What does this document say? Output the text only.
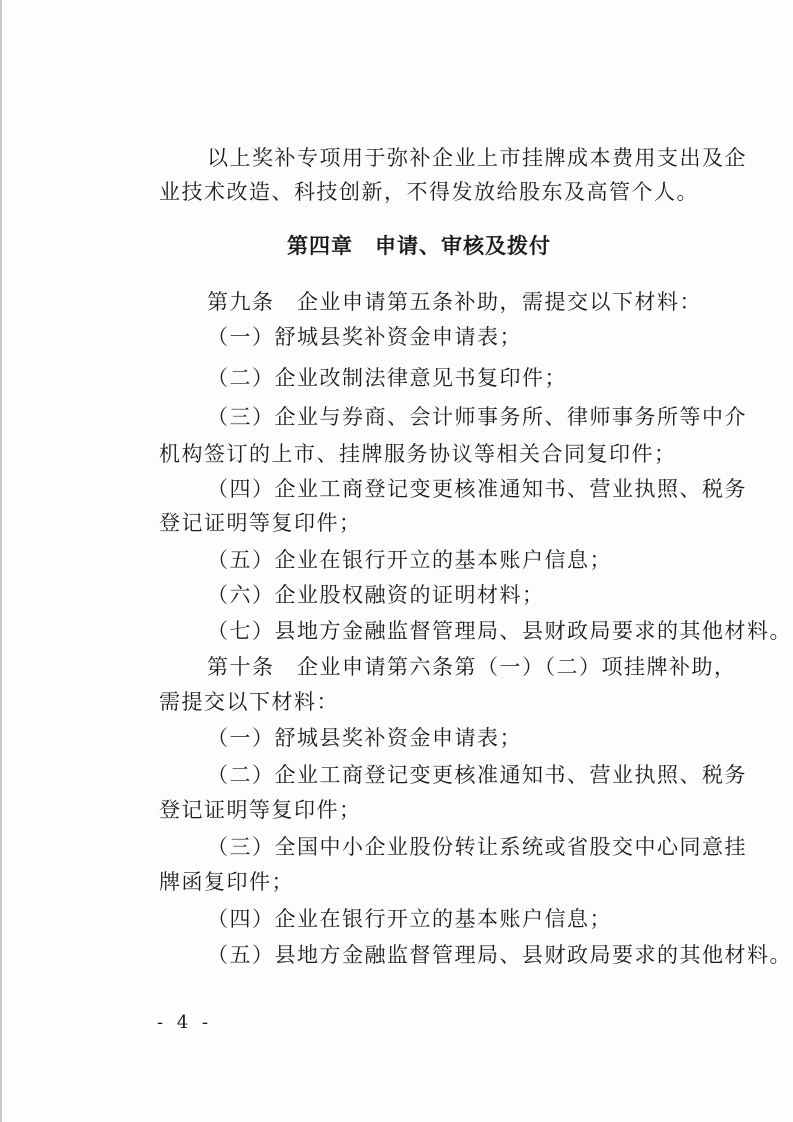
以上奖补专项用于弥补企业上市挂牌成本费用支出及企
业技术改造、科技创新，不得发放给股东及高管个人。
第四章　申请、审核及拨付
第九条　企业申请第五条补助，需提交以下材料：
（一）舒城县奖补资金申请表；
（二）企业改制法律意见书复印件；
（三）企业与券商、会计师事务所、律师事务所等中介
机构签订的上市、挂牌服务协议等相关合同复印件；
（四）企业工商登记变更核准通知书、营业执照、税务
登记证明等复印件；
（五）企业在银行开立的基本账户信息；
（六）企业股权融资的证明材料；
（七）县地方金融监督管理局、县财政局要求的其他材料。
第十条　企业申请第六条第（一）（二）项挂牌补助，
需提交以下材料：
（一）舒城县奖补资金申请表；
（二）企业工商登记变更核准通知书、营业执照、税务
登记证明等复印件；
（三）全国中小企业股份转让系统或省股交中心同意挂
牌函复印件；
（四）企业在银行开立的基本账户信息；
（五）县地方金融监督管理局、县财政局要求的其他材料。
- 4 -
